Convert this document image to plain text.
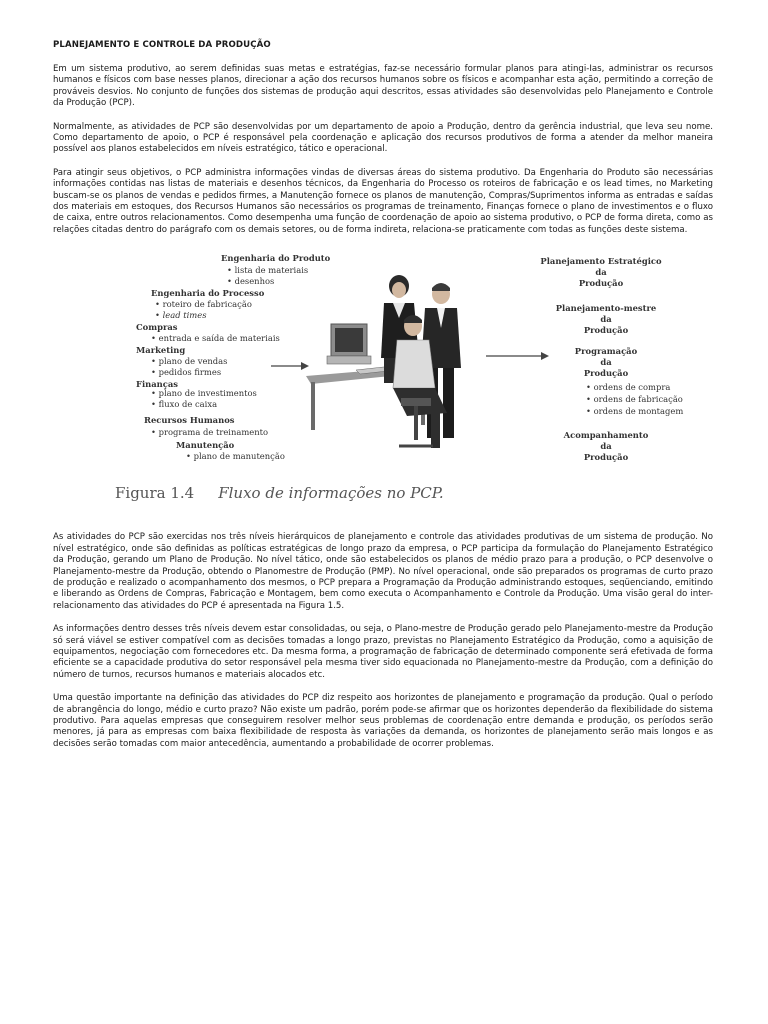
PLANEJAMENTO E CONTROLE DA PRODUÇÃO

Em um sistema produtivo, ao serem definidas suas metas e estratégias, faz-se necessário formular planos para atingi-Ias, administrar os recursos humanos e físicos com base nesses planos, direcionar a ação dos recursos humanos sobre os físicos e acompanhar esta ação, permitindo a correção de prováveis desvios. No conjunto de funções dos sistemas de produção aqui descritos, essas atividades são desenvolvidas pelo Planejamento e Controle da Produção (PCP).

Normalmente, as atividades de PCP são desenvolvidas por um departamento de apoio a Produção, dentro da gerência industrial, que leva seu nome. Como departamento de apoio, o PCP é responsável pela coordenação e aplicação dos recursos produtivos de forma a atender da melhor maneira possível aos planos estabelecidos em níveis estratégico, tático e operacional.

Para atingir seus objetivos, o PCP administra informações vindas de diversas áreas do sistema produtivo. Da Engenharia do Produto são necessárias informações contidas nas listas de materiais e desenhos técnicos, da Engenharia do Processo os roteiros de fabricação e os lead times, no Marketing buscam-se os planos de vendas e pedidos firmes, a Manutenção fornece os planos de manutenção, Compras/Suprimentos informa as entradas e saídas dos materiais em estoques, dos Recursos Humanos são necessários os programas de treinamento, Finanças fornece o plano de investimentos e o fluxo de caixa, entre outros relacionamentos. Como desempenha uma função de coordenação de apoio ao sistema produtivo, o PCP de forma direta, como as relações citadas dentro do parágrafo com os demais setores, ou de forma indireta, relaciona-se praticamente com todas as funções deste sistema.

Engenharia do Produto
• lista de materiais
• desenhos
Engenharia do Processo
• roteiro de fabricação
• lead times
Compras
• entrada e saída de materiais
Marketing
• plano de vendas
• pedidos firmes
Finanças
• plano de investimentos
• fluxo de caixa
Recursos Humanos
• programa de treinamento
Manutenção
• plano de manutenção
Planejamento Estratégico
da
Produção
Planejamento-mestre
da
Produção
Programação
da
Produção
• ordens de compra
• ordens de fabricação
• ordens de montagem
Acompanhamento
da
Produção
Figura 1.4 Fluxo de informações no PCP.

As atividades do PCP são exercidas nos três níveis hierárquicos de planejamento e controle das atividades produtivas de um sistema de produção. No nível estratégico, onde são definidas as políticas estratégicas de longo prazo da empresa, o PCP participa da formulação do Planejamento Estratégico da Produção, gerando um Plano de Produção. No nível tático, onde são estabelecidos os planos de médio prazo para a produção, o PCP desenvolve o Planejamento-mestre da Produção, obtendo o Planomestre de Produção (PMP). No nível operacional, onde são preparados os programas de curto prazo de produção e realizado o acompanhamento dos mesmos, o PCP prepara a Programação da Produção administrando estoques, seqüenciando, emitindo e liberando as Ordens de Compras, Fabricação e Montagem, bem como executa o Acompanhamento e Controle da Produção. Uma visão geral do inter-relacionamento das atividades do PCP é apresentada na Figura 1.5.

As informações dentro desses três níveis devem estar consolidadas, ou seja, o Plano-mestre de Produção gerado pelo Planejamento-mestre da Produção só será viável se estiver compatível com as decisões tomadas a longo prazo, previstas no Planejamento Estratégico da Produção, como a aquisição de equipamentos, negociação com fornecedores etc. Da mesma forma, a programação de fabricação de determinado componente será efetivada de forma eficiente se a capacidade produtiva do setor responsável pela mesma tiver sido equacionada no Planejamento-mestre da Produção, com a definição do número de turnos, recursos humanos e materiais alocados etc.

Uma questão importante na definição das atividades do PCP diz respeito aos horizontes de planejamento e programação da produção. Qual o período de abrangência do longo, médio e curto prazo? Não existe um padrão, porém pode-se afirmar que os horizontes dependerão da flexibilidade do sistema produtivo. Para aquelas empresas que conseguirem resolver melhor seus problemas de coordenação entre demanda e produção, os períodos serão menores, já para as empresas com baixa flexibilidade de resposta às variações da demanda, os horizontes de planejamento serão mais longos e as decisões serão tomadas com maior antecedência, aumentando a probabilidade de ocorrer problemas.
